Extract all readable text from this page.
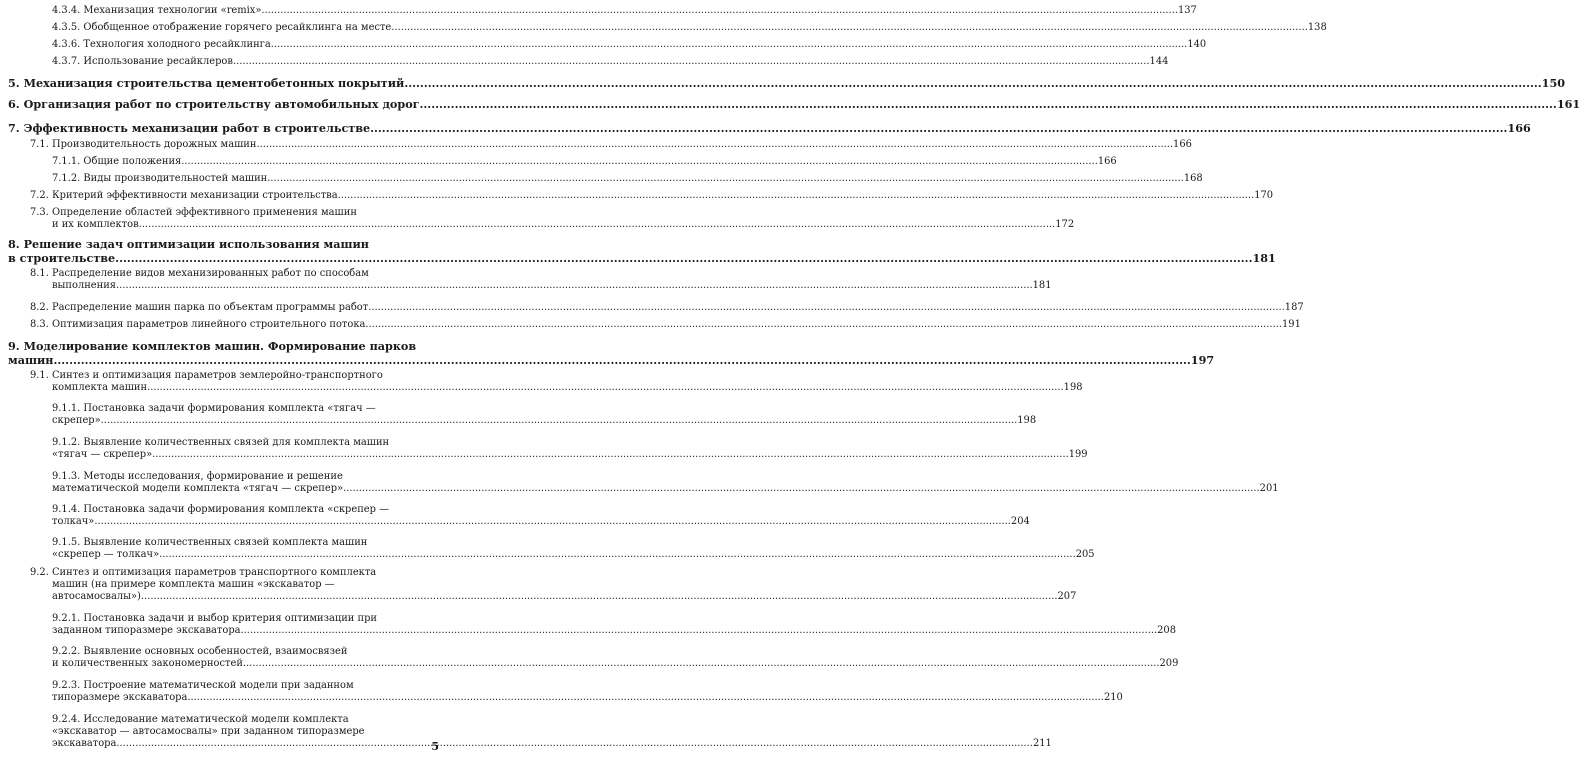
4.3.4. Механизация технологии «remix» .....	137
4.3.5. Обобщенное отображение горячего ресайклинга на месте .....	138
4.3.6. Технология холодного ресайклинга .....	140
4.3.7. Использование ресайклеров .....	144
5. Механизация строительства цементобетонных покрытий .....	150
6. Организация работ по строительству автомобильных дорог .....	161
7. Эффективность механизации работ в строительстве .....	166
7.1. Производительность дорожных машин .....	166
7.1.1. Общие положения .....	166
7.1.2. Виды производительностей машин .....	168
7.2. Критерий эффективности механизации строительства .....	170
7.3. Определение областей эффективного применения машин
и их комплектов .....	172
8. Решение задач оптимизации использования машин
в строительстве .....	181
8.1. Распределение видов механизированных работ по способам
выполнения .....	181
8.2. Распределение машин парка по объектам программы работ .....	187
8.3. Оптимизация параметров линейного строительного потока .....	191
9. Моделирование комплектов машин. Формирование парков
машин .....	197
9.1. Синтез и оптимизация параметров землеройно-транспортного
комплекта машин .....	198
9.1.1. Постановка задачи формирования комплекта «тягач —
скрепер» .....	198
9.1.2. Выявление количественных связей для комплекта машин
«тягач — скрепер» .....	199
9.1.3. Методы исследования, формирование и решение
математической модели комплекта «тягач — скрепер» .....	201
9.1.4. Постановка задачи формирования комплекта «скрепер —
толкач» .....	204
9.1.5. Выявление количественных связей комплекта машин
«скрепер — толкач» .....	205
9.2. Синтез и оптимизация параметров транспортного комплекта
машин (на примере комплекта машин «экскаватор —
автосамосвалы») .....	207
9.2.1. Постановка задачи и выбор критерия оптимизации при
заданном типоразмере экскаватора .....	208
9.2.2. Выявление основных особенностей, взаимосвязей
и количественных закономерностей .....	209
9.2.3. Построение математической модели при заданном
типоразмере экскаватора .....	210
9.2.4. Исследование математической модели комплекта
«экскаватор — автосамосвалы» при заданном типоразмере
экскаватора .....	211
5
